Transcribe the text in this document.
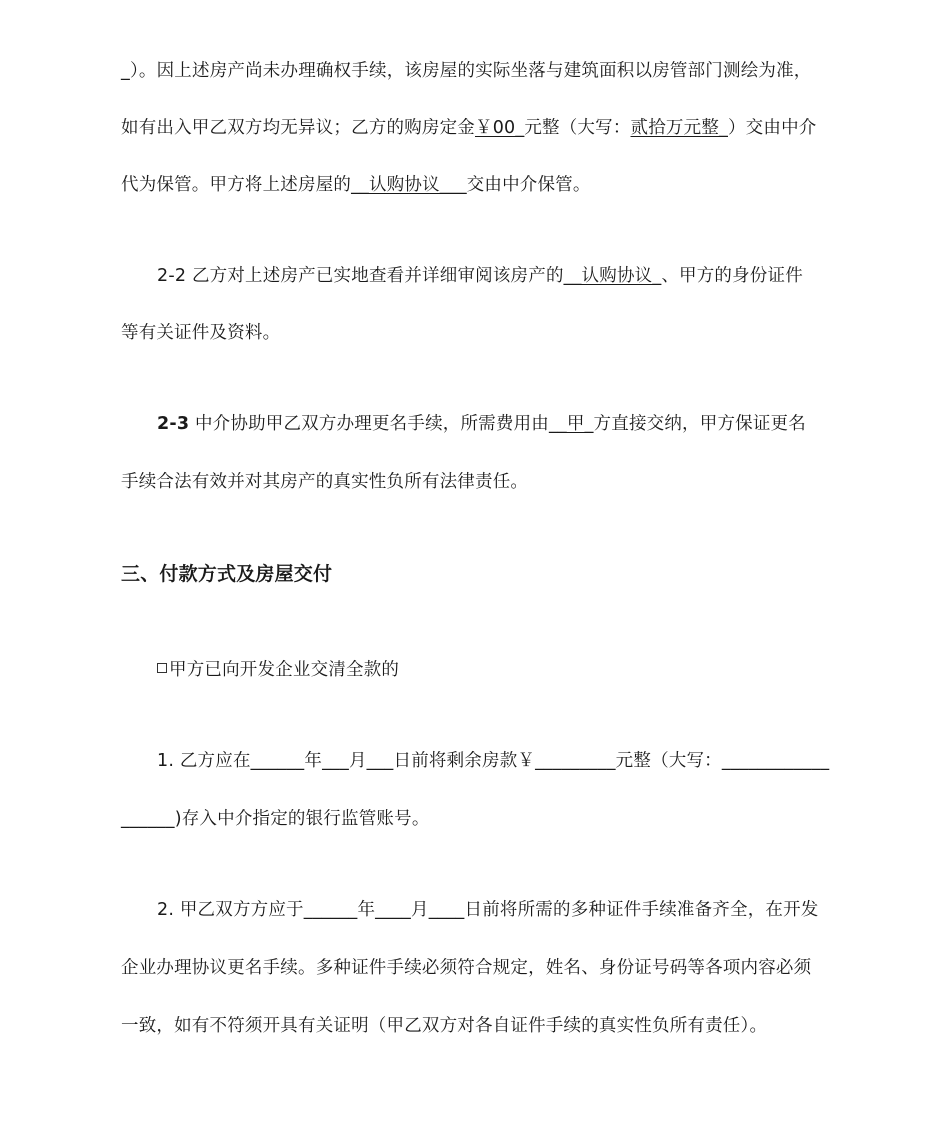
_）。因上述房产尚未办理确权手续，该房屋的实际坐落与建筑面积以房管部门测绘为准，
如有出入甲乙双方均无异议；乙方的购房定金￥00_元整（大写：贰拾万元整_）交由中介
代为保管。甲方将上述房屋的__认购协议___交由中介保管。
2-2 乙方对上述房产已实地查看并详细审阅该房产的__认购协议_、甲方的身份证件
等有关证件及资料。
2-3 中介协助甲乙双方办理更名手续，所需费用由__甲_方直接交纳，甲方保证更名
手续合法有效并对其房产的真实性负所有法律责任。
三、付款方式及房屋交付
甲方已向开发企业交清全款的
1. 乙方应在______年___月___日前将剩余房款￥_________元整（大写：____________
______)存入中介指定的银行监管账号。
2. 甲乙双方方应于______年____月____日前将所需的多种证件手续准备齐全，在开发
企业办理协议更名手续。多种证件手续必须符合规定，姓名、身份证号码等各项内容必须
一致，如有不符须开具有关证明（甲乙双方对各自证件手续的真实性负所有责任）。
